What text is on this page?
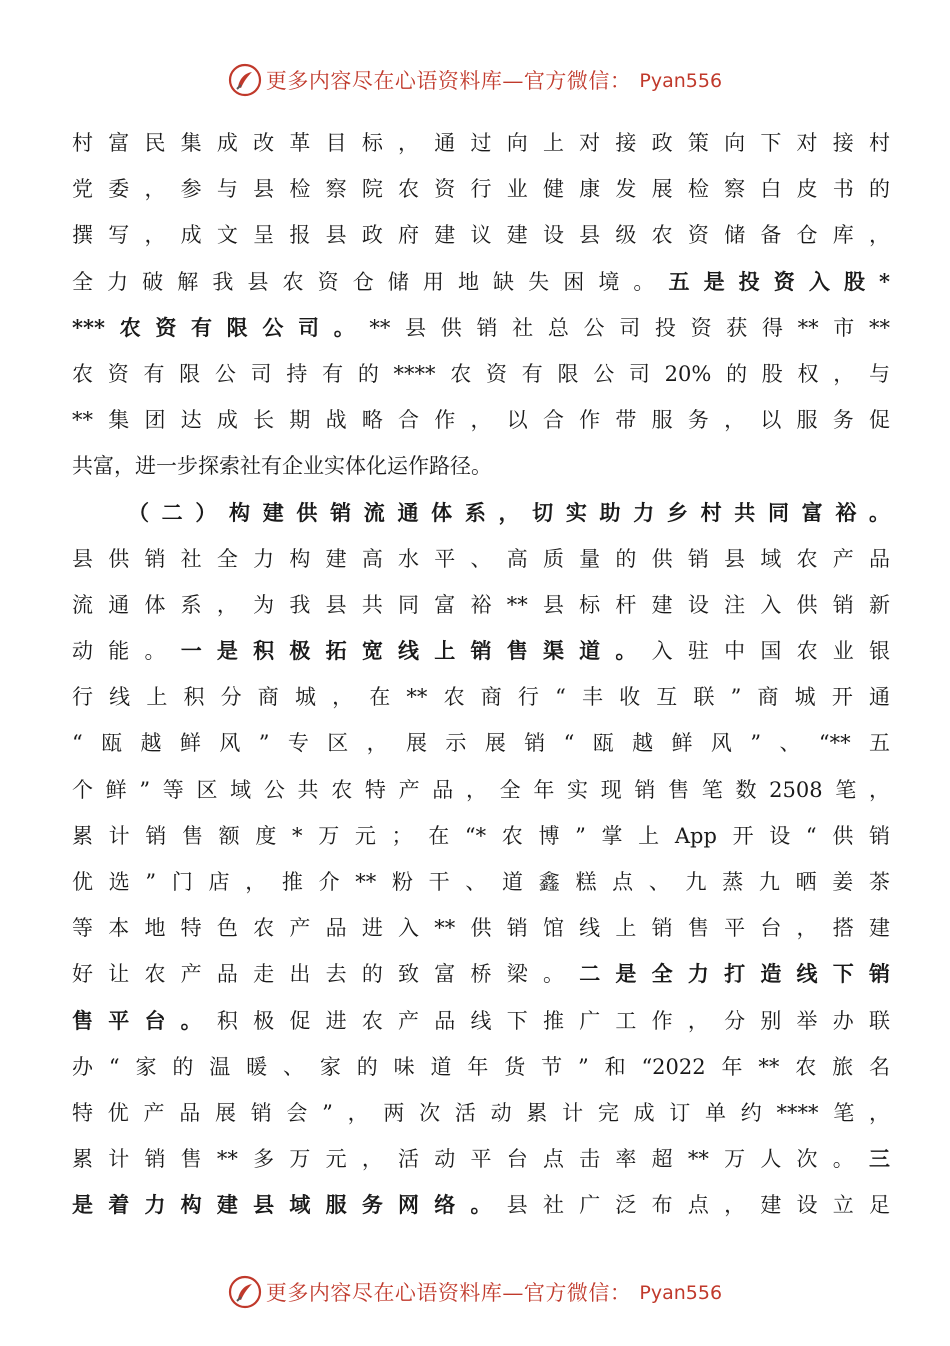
更多内容尽在心语资料库—官方微信： Pyan556
村富民集成改革目标，通过向上对接政策向下对接村
党委，参与县检察院农资行业健康发展检察白皮书的
撰写，成文呈报县政府建议建设县级农资储备仓库，
全力破解我县农资仓储用地缺失困境。五是投资入股*
***农资有限公司。**县供销社总公司投资获得**市**
农资有限公司持有的****农资有限公司20%的股权，与
**集团达成长期战略合作，以合作带服务，以服务促
共富，进一步探索社有企业实体化运作路径。
（二）构建供销流通体系，切实助力乡村共同富裕。
县供销社全力构建高水平、高质量的供销县域农产品
流通体系，为我县共同富裕**县标杆建设注入供销新
动能。一是积极拓宽线上销售渠道。入驻中国农业银
行线上积分商城，在**农商行“丰收互联”商城开通
“瓯越鲜风”专区，展示展销“瓯越鲜风”、“**五
个鲜”等区域公共农特产品，全年实现销售笔数2508笔，
累计销售额度*万元；在“*农博”掌上App开设“供销
优选”门店，推介**粉干、道鑫糕点、九蒸九晒姜茶
等本地特色农产品进入**供销馆线上销售平台，搭建
好让农产品走出去的致富桥梁。二是全力打造线下销
售平台。积极促进农产品线下推广工作，分别举办联
办“家的温暖、家的味道年货节”和“2022年**农旅名
特优产品展销会”，两次活动累计完成订单约****笔，
累计销售**多万元，活动平台点击率超**万人次。三
是着力构建县域服务网络。县社广泛布点，建设立足
更多内容尽在心语资料库—官方微信： Pyan556
